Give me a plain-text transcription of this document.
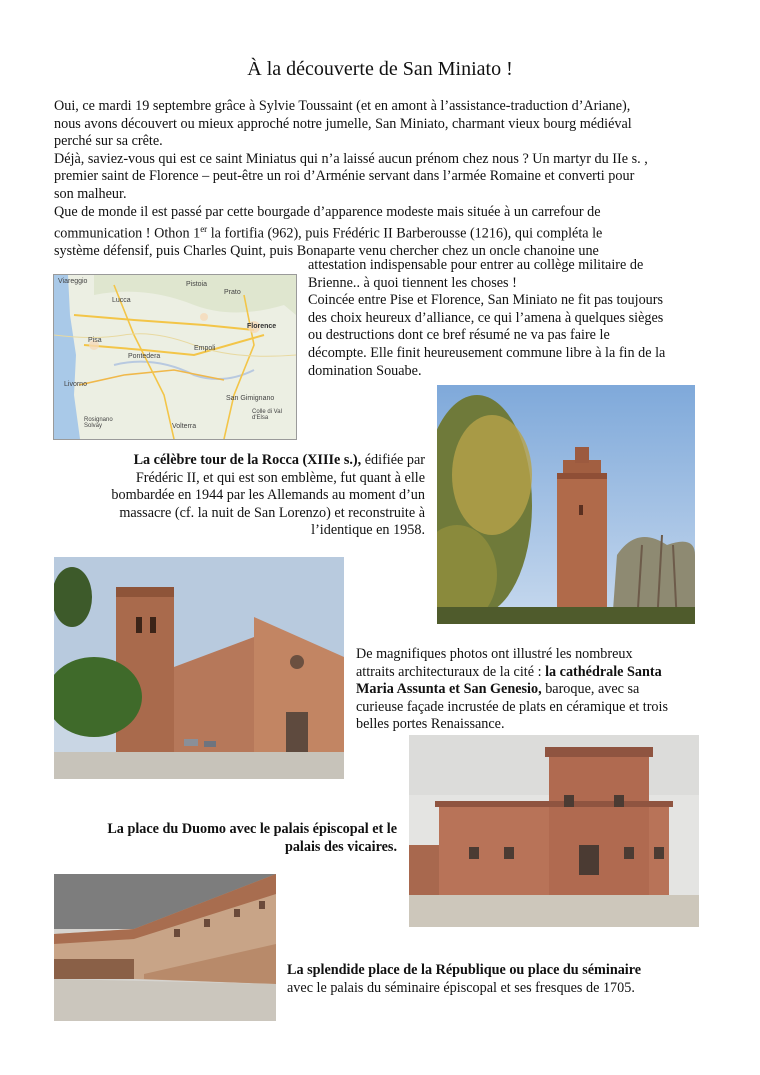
À la découverte de San Miniato !

Oui, ce mardi 19 septembre grâce à Sylvie Toussaint (et en amont à l’assistance-traduction d’Ariane),

nous avons découvert ou mieux approché notre jumelle, San Miniato, charmant vieux bourg médiéval

perché sur sa crête.

Déjà, saviez-vous qui est ce saint Miniatus qui n’a laissé aucun prénom chez nous ? Un martyr du IIe s. ,

premier saint de Florence – peut-être un roi d’Arménie servant dans l’armée Romaine et converti pour

son malheur.

Que de monde il est passé par cette bourgade d’apparence modeste mais située à un carrefour de

communication ! Othon 1er la fortifia (962), puis Frédéric II Barberousse (1216), qui compléta le

système défensif, puis Charles Quint, puis Bonaparte venu chercher chez un oncle chanoine une

Viareggio	Pistoia
Prato
Lucca
Pisa
Florence
Pontedera
Empoli
Livorno
San Gimignano
Colle di Val d'Elsa
Volterra
Rosignano Solvay

attestation indispensable pour entrer au collège militaire de

Brienne.. à quoi tiennent les choses !

Coincée entre Pise et Florence, San Miniato ne fit pas toujours

des choix heureux d’alliance, ce qui l’amena à quelques sièges

ou destructions dont ce bref résumé ne va pas faire le

décompte. Elle finit heureusement commune libre à la fin de la

domination Souabe.

La célèbre tour de la Rocca (XIIIe s.), édifiée par

Frédéric II, et qui est son emblème, fut quant à elle

bombardée en 1944 par les Allemands au moment d’un

massacre (cf. la nuit de San Lorenzo) et reconstruite à

l’identique en 1958.

De magnifiques photos ont illustré les nombreux

attraits architecturaux de la cité : la cathédrale Santa

Maria Assunta et San Genesio, baroque, avec sa

curieuse façade incrustée de plats en céramique et trois

belles portes Renaissance.

La place du Duomo avec le palais épiscopal et le

palais des vicaires.

La splendide place de la République ou place du séminaire

avec le palais du séminaire épiscopal et ses fresques de 1705.
